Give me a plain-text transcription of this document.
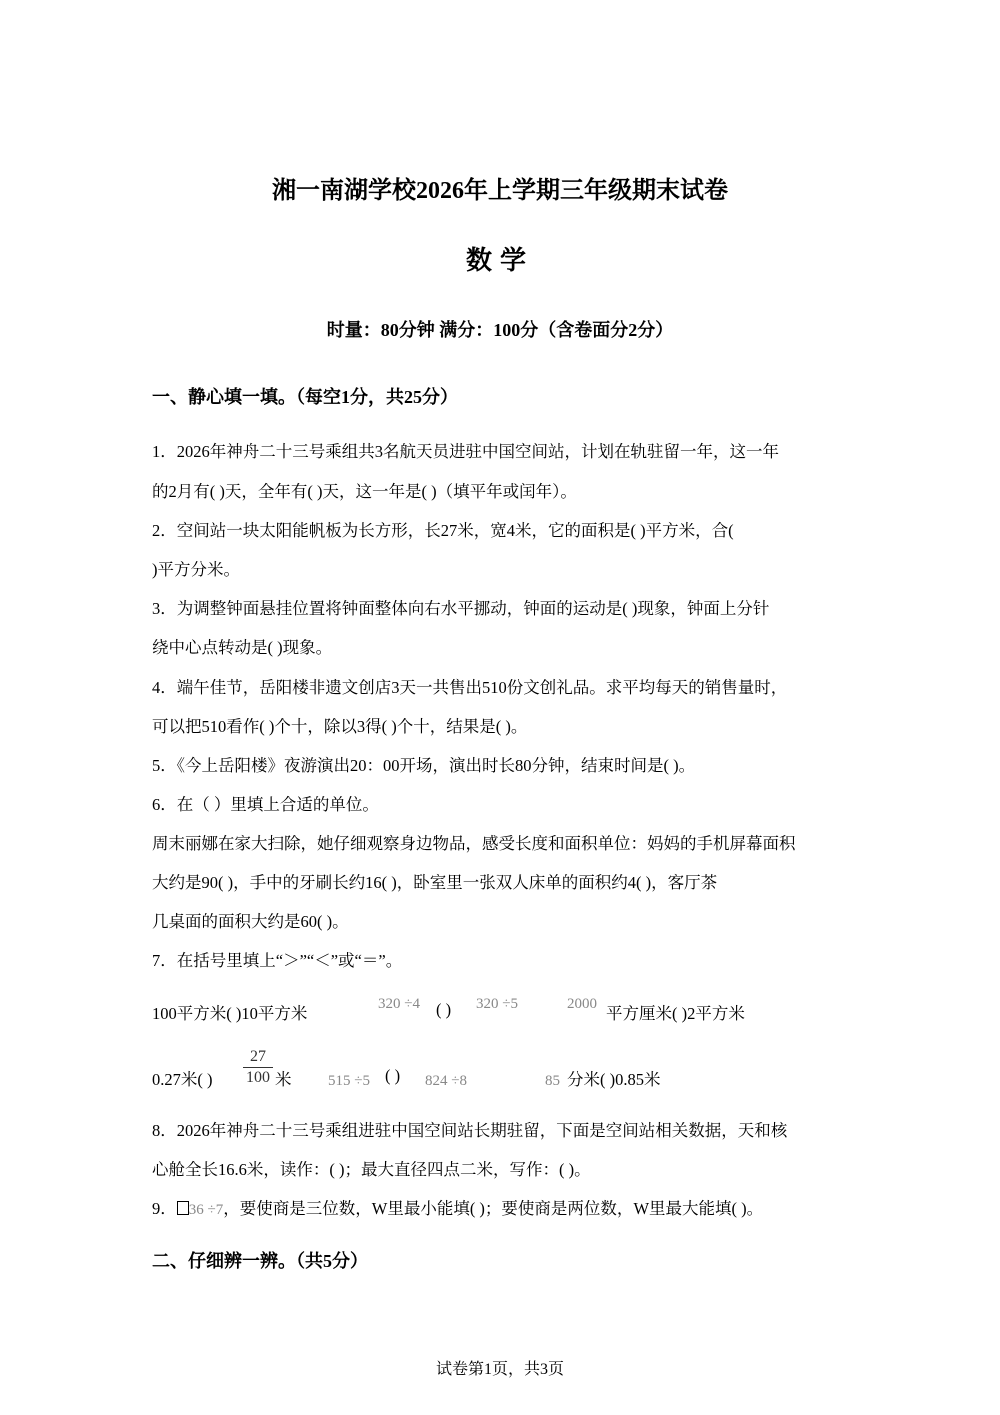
湘一南湖学校2026年上学期三年级期末试卷
数学
时量：80分钟 满分：100分（含卷面分2分）
一、静心填一填。（每空1分，共25分）
1．2026年神舟二十三号乘组共3名航天员进驻中国空间站，计划在轨驻留一年，这一年
的2月有( )天，全年有( )天，这一年是( )（填平年或闰年）。
2．空间站一块太阳能帆板为长方形，长27米，宽4米，它的面积是( )平方米，合(
)平方分米。
3．为调整钟面悬挂位置将钟面整体向右水平挪动，钟面的运动是( )现象，钟面上分针
绕中心点转动是( )现象。
4．端午佳节，岳阳楼非遗文创店3天一共售出510份文创礼品。求平均每天的销售量时，
可以把510看作( )个十，除以3得( )个十，结果是( )。
5．《今上岳阳楼》夜游演出20：00开场，演出时长80分钟，结束时间是( )。
6．在（ ）里填上合适的单位。
周末丽娜在家大扫除，她仔细观察身边物品，感受长度和面积单位：妈妈的手机屏幕面积
大约是90( )，手中的牙刷长约16( )，卧室里一张双人床单的面积约4( )，客厅茶
几桌面的面积大约是60( )。
7．在括号里填上“＞”“＜”或“＝”。
100平方米( )10平方米	320 ÷4 ( ) 320 ÷5	2000 平方厘米( )2平方米
0.27米( )
27
100 米 515 ÷5 ( ) 824 ÷8	85 分米( )0.85米
8．2026年神舟二十三号乘组进驻中国空间站长期驻留，下面是空间站相关数据，天和核
心舱全长16.6米，读作：( )；最大直径四点二米，写作：( )。
9． 36 ÷7，要使商是三位数，W里最小能填( )；要使商是两位数，W里最大能填( )。
二、仔细辨一辨。（共5分）
试卷第1页，共3页
